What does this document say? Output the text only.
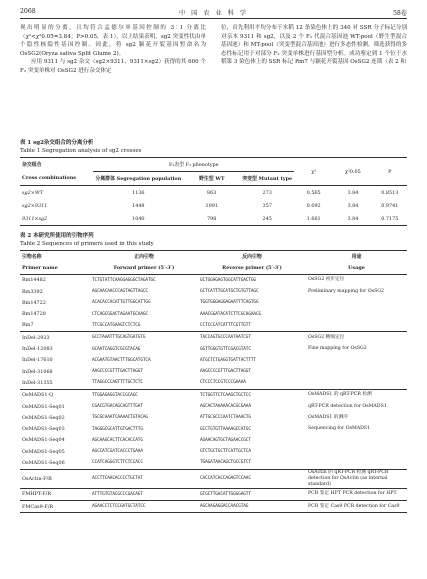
2068	中 国 农 业 科 学	58卷

现出明显的分离，且均符合孟德尔单基因控制的 3∶1 分离比（χ²<χ²0.05=3.84；P>0.05，表 1），以上结果表明，sg2 突变性状由单个隐性核隐性基因控制。因此，将 sg2 颖花开裂基因暂命名为 OsSG2(Oryza sativa Split Glume 2)。

应用 9311 与 sg2 杂交（sg2×9311、9311×sg2）获得的其 600 个 F₂ 突变单株对 OsSG2 进行杂交体定

位，首先利用平均分布于水稻 12 条染色体上的 340 对 SSR 分子标记分别对亲本 9311 和 sg2，以及 2 个 F₂ 代混合基因池 WT-pool（野生型混合基因池）和 MT-pool（突变型混合基因池）进行多态性检测，筛选获得的多态性标记用于对部分 F₂ 突变单株进行基因型分析。成功鉴定到 1 个位于水稻第 3 染色体上的 SSR 标记 Rm7 与颖花开裂基因 OsSG2 连锁（表 2 和

表 1 sg2杂交组合的分离分析
Table 1 Segregation analysis of sg2 crosses
杂交组合	F₂表型 F₂ phenotype			χ²	χ²0.05	P
Cross combinations	分离群体 Segregation population	野生型 WT	突变型 Mutant type			
sg2×WT	1136	863	273	0.565	3.84	0.8513
sg2×9311	1448	1091	357	0.092	3.84	0.9741
9311×sg2	1040	798	245	1.661	3.84	0.7175
表 2 本研究所使用的引物序列
Table 2 Sequences of primers used in this study
引物名称	正向引物	反向引物	用途
Primer name	Forward primer (5′-3′)	Reverse primer (5′-3′)	Usage
Rm14482	TCTGTATTCAAGGAGGGCTAGATGC	GCTGGAGAGTGGCATTGACTGG	OsSG2 初步定位
Rm3392	AGCAACAACCCAGTAGTTAGCC	GCTCATTTGCATGCTGTGTTAGC	Preliminary mapping for OsSG2
Rm14722	ACACACCACATTGTTGGCATTGG	TGGTGGGAGGAGAATTTCAGTGG	
Rm14728	CTCAGCGGACTAGAATGCAAGC	AAACGGATACATCTTCGCAGAACG	
Rm7	TTCGCCATGAAGTCTCTCG	CCTCCCATCATTTCGTTGTT	
InDel-2923	GCCTAAATTTGCAGTGATGTG	TACCAGTGCCCAATAATCGT	OsSG2 精细定位
InDel-12083	GCAATCAGGTCGCGTACAG	GGTTGGGTGTTCGACGTATC	Fine mapping for OsSG2
InDel-17610	ACGAATGTAACTTTGGCATGTCA	ATGCTCTGAGGTGATTACTTTT	
InDel-31068	AAGCCCCGTTTGACTTAGGT	AAGCCCCGTTTGACTTAGGT	
InDel-31355	TTAGGCCCAGTTTTGCTCTC	CTCCCTCCGTCCCGAAAA	
OsMADS1-Q	TTGGAGAGGTACCGCAGC	TCTGGTTCTCAAGCTGCTCC	OsMADS1 的 qRT-PCR 检测
OsMADS1-Seq01	CGACGTGACAGCAGTTTGAT	AGCACTAAAAACACGCGAAA	qRT-PCR detection for OsMADS1
OsMADS1-Seq02	TGCGCAAATCAAAACTGTACAG	ATTGCGCCCAATCTAAACTG	OsMADS1 的测序
OsMADS1-Seq03	TAGGGCGCATTGTGACTTTG	GCCTGTGTTAAAAGCCATGC	Sequencing for OsMADS1
OsMADS1-Seq04	AGCAAGCACTTCACACCATG	AGAACAGTGCTAGAACCGCT	
OsMADS1-Seq05	AGCCATCGATCACCCTGAAA	GTCTGCTGCTTCATTGCTCA	
OsMADS1-Seq06	CCATCAGGGTCTTCTCCACC	TGAGATAACAGCTGCCGTCT	
OsActin-F/R	ACCTTCAACACCCCTGCTAT	CACCATCACCAGAGTCCAAC	OsActin 的 qRT-PCR 检测 qRT-PCR detection for OsActin (as internal standard)
FMHPT-F/R	ATTTGTGTACGCCCGACAGT	GTGCTTGACATTGGGGAGTT	PCR 鉴定 HPT PCR detection for HPT
FMCas9-F/R	AGAACCTCTCCGATGCTATCC	AGCAAGAGGACCAACGTAG	PCR 鉴定 Cas9 PCR detection for Cas9
